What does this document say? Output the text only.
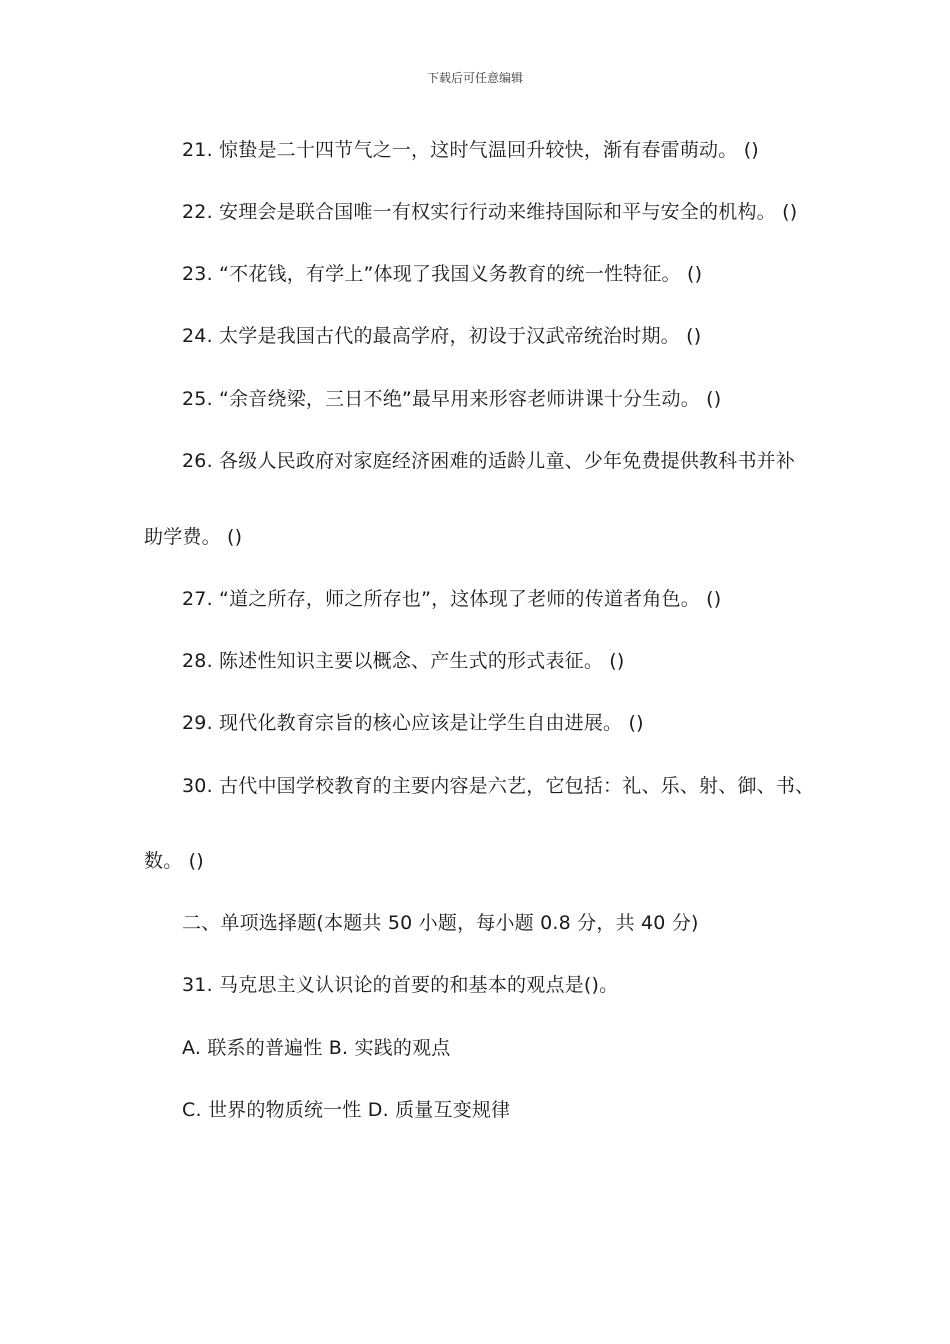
下载后可任意编辑
21. 惊蛰是二十四节气之一，这时气温回升较快，渐有春雷萌动。 ()
22. 安理会是联合国唯一有权实行行动来维持国际和平与安全的机构。 ()
23. “不花钱，有学上”体现了我国义务教育的统一性特征。 ()
24. 太学是我国古代的最高学府，初设于汉武帝统治时期。 ()
25. “余音绕梁，三日不绝”最早用来形容老师讲课十分生动。 ()
26. 各级人民政府对家庭经济困难的适龄儿童、少年免费提供教科书并补
助学费。 ()
27. “道之所存，师之所存也”，这体现了老师的传道者角色。 ()
28. 陈述性知识主要以概念、产生式的形式表征。 ()
29. 现代化教育宗旨的核心应该是让学生自由进展。 ()
30. 古代中国学校教育的主要内容是六艺，它包括：礼、乐、射、御、书、
数。 ()
二、单项选择题(本题共 50 小题，每小题 0.8 分，共 40 分)
31. 马克思主义认识论的首要的和基本的观点是()。
A. 联系的普遍性 B. 实践的观点
C. 世界的物质统一性 D. 质量互变规律
